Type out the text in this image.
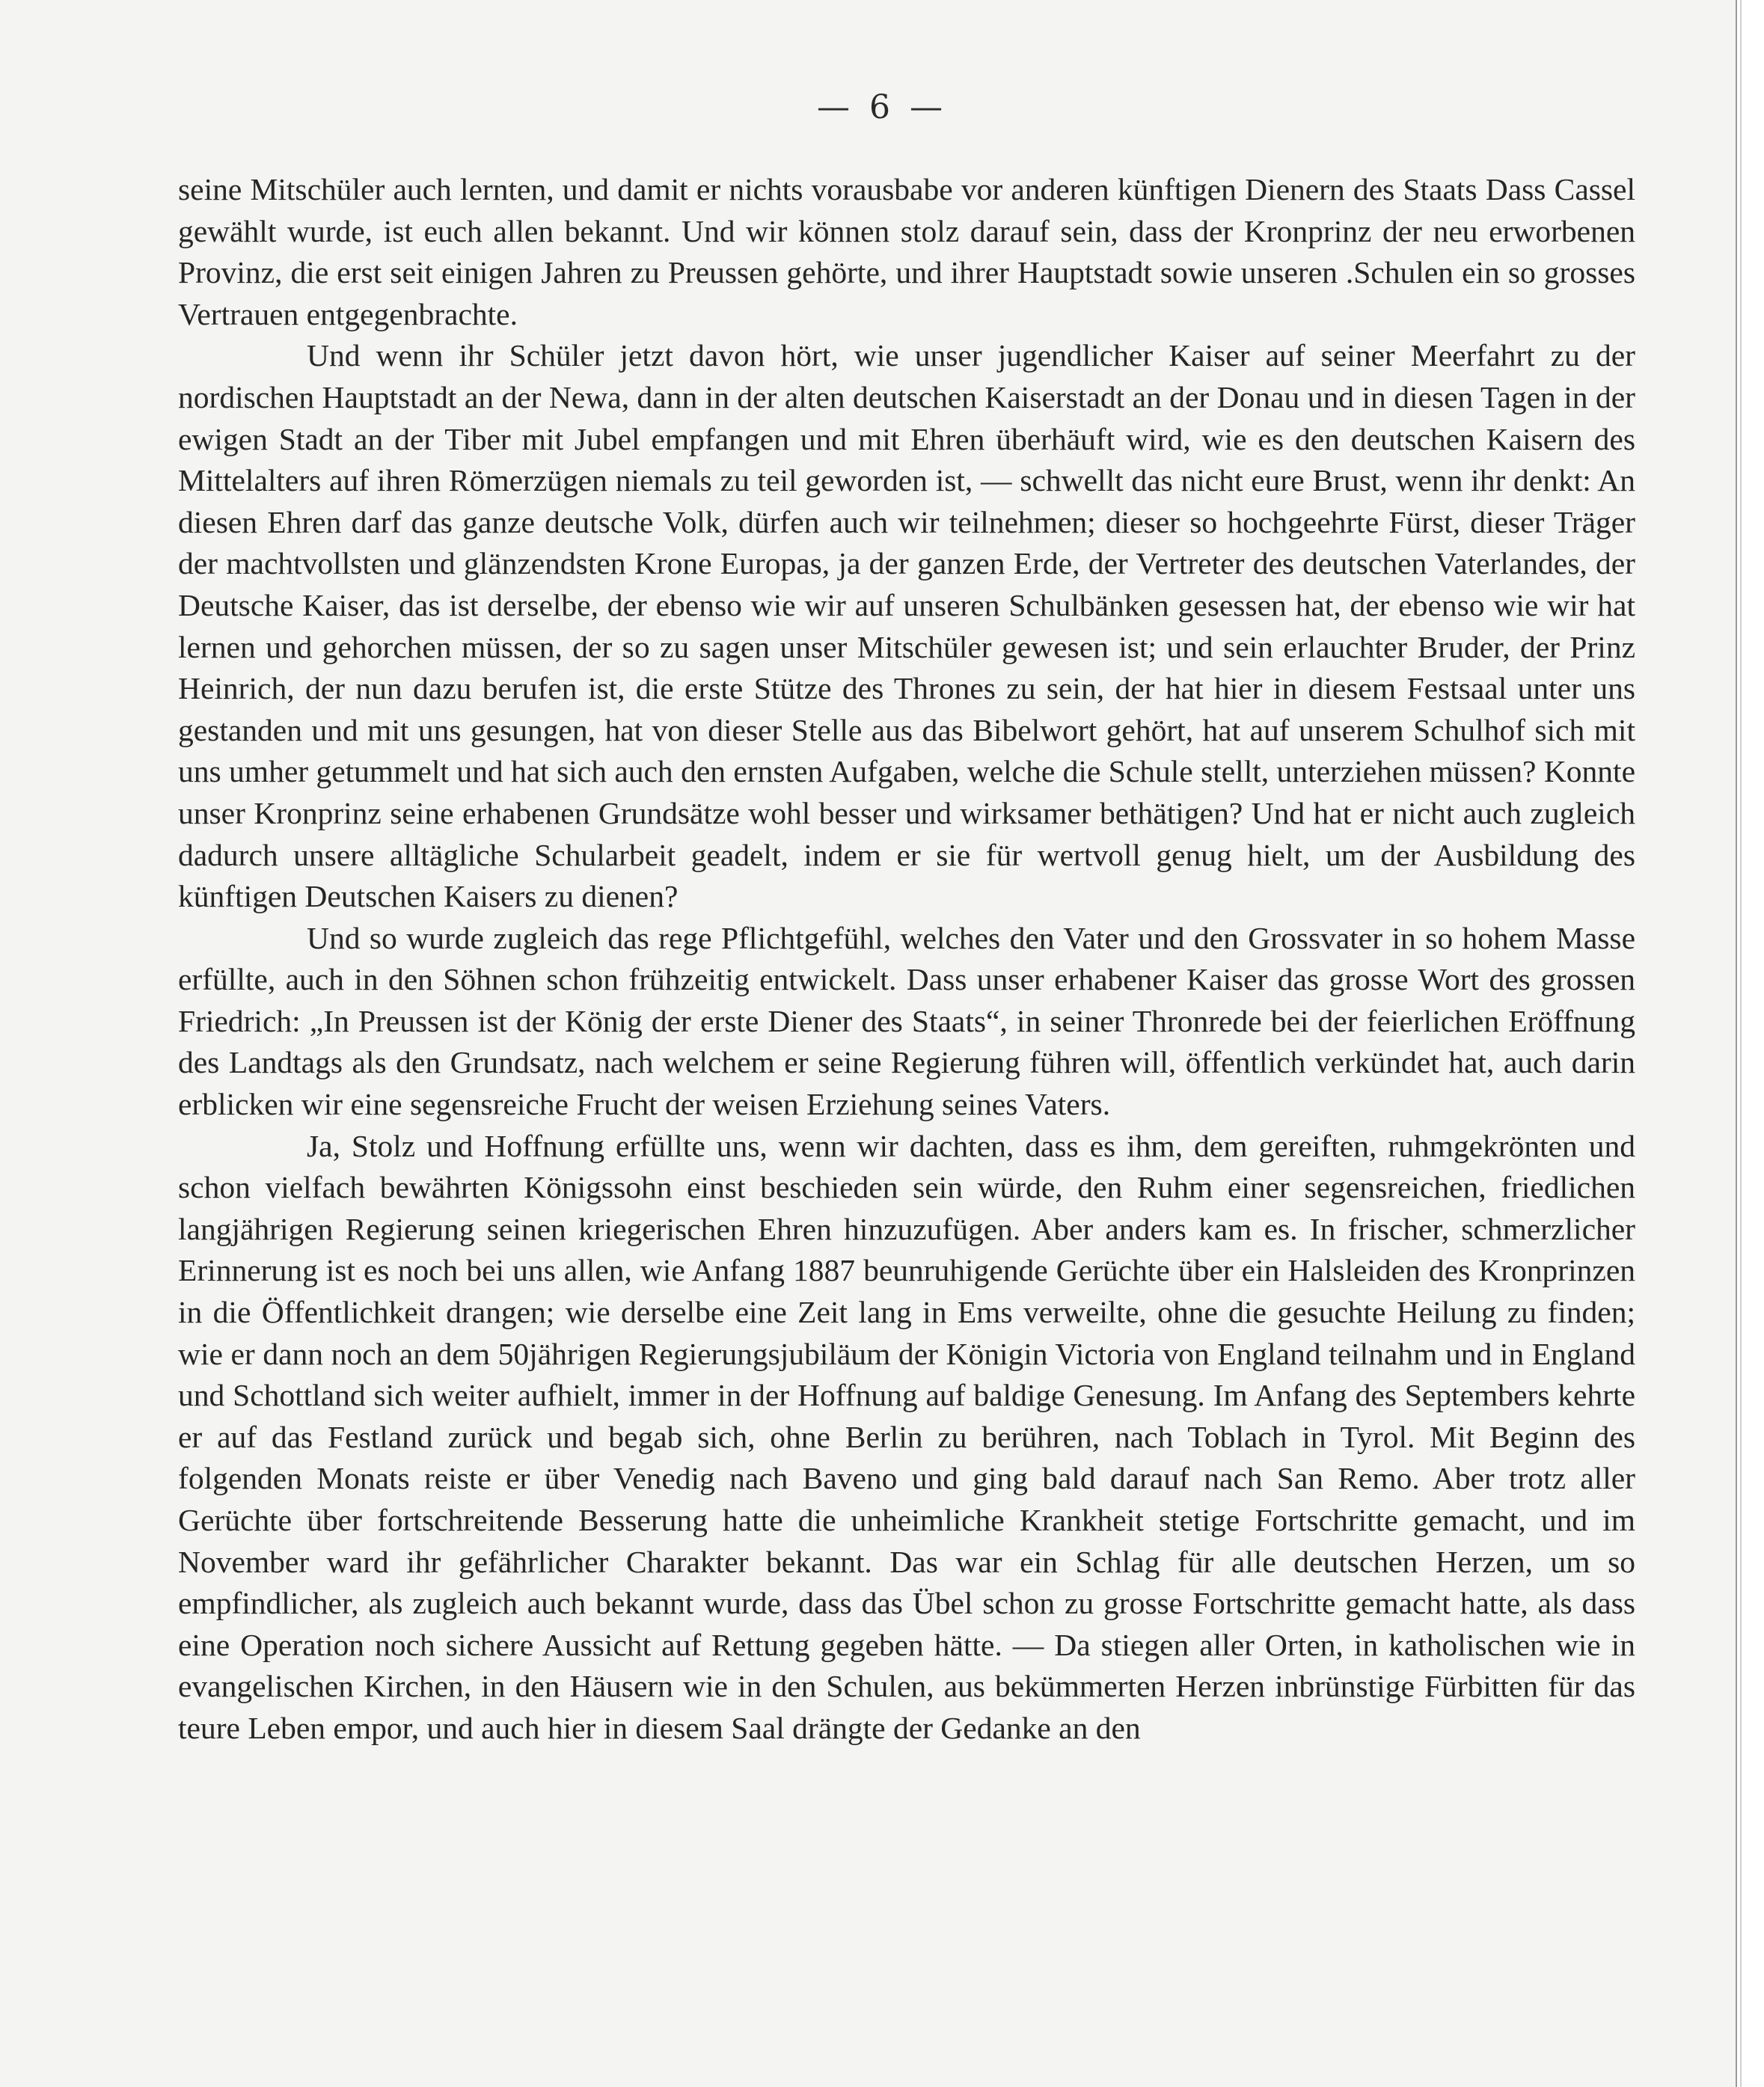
— 6 —

seine Mitschüler auch lernten, und damit er nichts vorausbabe vor anderen künftigen Dienern des Staats Dass Cassel gewählt wurde, ist euch allen bekannt. Und wir können stolz darauf sein, dass der Kronprinz der neu erworbenen Provinz, die erst seit einigen Jahren zu Preussen gehörte, und ihrer Hauptstadt sowie unseren .Schulen ein so grosses Vertrauen entgegenbrachte.

Und wenn ihr Schüler jetzt davon hört, wie unser jugendlicher Kaiser auf seiner Meerfahrt zu der nordischen Hauptstadt an der Newa, dann in der alten deutschen Kaiserstadt an der Donau und in diesen Tagen in der ewigen Stadt an der Tiber mit Jubel empfangen und mit Ehren überhäuft wird, wie es den deutschen Kaisern des Mittelalters auf ihren Römerzügen niemals zu teil geworden ist, — schwellt das nicht eure Brust, wenn ihr denkt: An diesen Ehren darf das ganze deutsche Volk, dürfen auch wir teilnehmen; dieser so hochgeehrte Fürst, dieser Träger der machtvollsten und glänzendsten Krone Europas, ja der ganzen Erde, der Vertreter des deutschen Vaterlandes, der Deutsche Kaiser, das ist derselbe, der ebenso wie wir auf unseren Schulbänken gesessen hat, der ebenso wie wir hat lernen und gehorchen müssen, der so zu sagen unser Mitschüler gewesen ist; und sein erlauchter Bruder, der Prinz Heinrich, der nun dazu berufen ist, die erste Stütze des Thrones zu sein, der hat hier in diesem Festsaal unter uns gestanden und mit uns gesungen, hat von dieser Stelle aus das Bibelwort gehört, hat auf unserem Schulhof sich mit uns umher getummelt und hat sich auch den ernsten Aufgaben, welche die Schule stellt, unterziehen müssen? Konnte unser Kronprinz seine erhabenen Grundsätze wohl besser und wirksamer bethätigen? Und hat er nicht auch zugleich dadurch unsere alltägliche Schularbeit geadelt, indem er sie für wertvoll genug hielt, um der Ausbildung des künftigen Deutschen Kaisers zu dienen?

Und so wurde zugleich das rege Pflichtgefühl, welches den Vater und den Grossvater in so hohem Masse erfüllte, auch in den Söhnen schon frühzeitig entwickelt. Dass unser erhabener Kaiser das grosse Wort des grossen Friedrich: „In Preussen ist der König der erste Diener des Staats“, in seiner Thronrede bei der feierlichen Eröffnung des Landtags als den Grundsatz, nach welchem er seine Regierung führen will, öffentlich verkündet hat, auch darin erblicken wir eine segensreiche Frucht der weisen Erziehung seines Vaters.

Ja, Stolz und Hoffnung erfüllte uns, wenn wir dachten, dass es ihm, dem gereiften, ruhmgekrönten und schon vielfach bewährten Königssohn einst beschieden sein würde, den Ruhm einer segensreichen, friedlichen langjährigen Regierung seinen kriegerischen Ehren hinzuzufügen. Aber anders kam es. In frischer, schmerzlicher Erinnerung ist es noch bei uns allen, wie Anfang 1887 beunruhigende Gerüchte über ein Halsleiden des Kronprinzen in die Öffentlichkeit drangen; wie derselbe eine Zeit lang in Ems verweilte, ohne die gesuchte Heilung zu finden; wie er dann noch an dem 50jährigen Regierungsjubiläum der Königin Victoria von England teilnahm und in England und Schottland sich weiter aufhielt, immer in der Hoffnung auf baldige Genesung. Im Anfang des Septembers kehrte er auf das Festland zurück und begab sich, ohne Berlin zu berühren, nach Toblach in Tyrol. Mit Beginn des folgenden Monats reiste er über Venedig nach Baveno und ging bald darauf nach San Remo. Aber trotz aller Gerüchte über fortschreitende Besserung hatte die unheimliche Krankheit stetige Fortschritte gemacht, und im November ward ihr gefährlicher Charakter bekannt. Das war ein Schlag für alle deutschen Herzen, um so empfindlicher, als zugleich auch bekannt wurde, dass das Übel schon zu grosse Fortschritte gemacht hatte, als dass eine Operation noch sichere Aussicht auf Rettung gegeben hätte. — Da stiegen aller Orten, in katholischen wie in evangelischen Kirchen, in den Häusern wie in den Schulen, aus bekümmerten Herzen inbrünstige Fürbitten für das teure Leben empor, und auch hier in diesem Saal drängte der Gedanke an den
